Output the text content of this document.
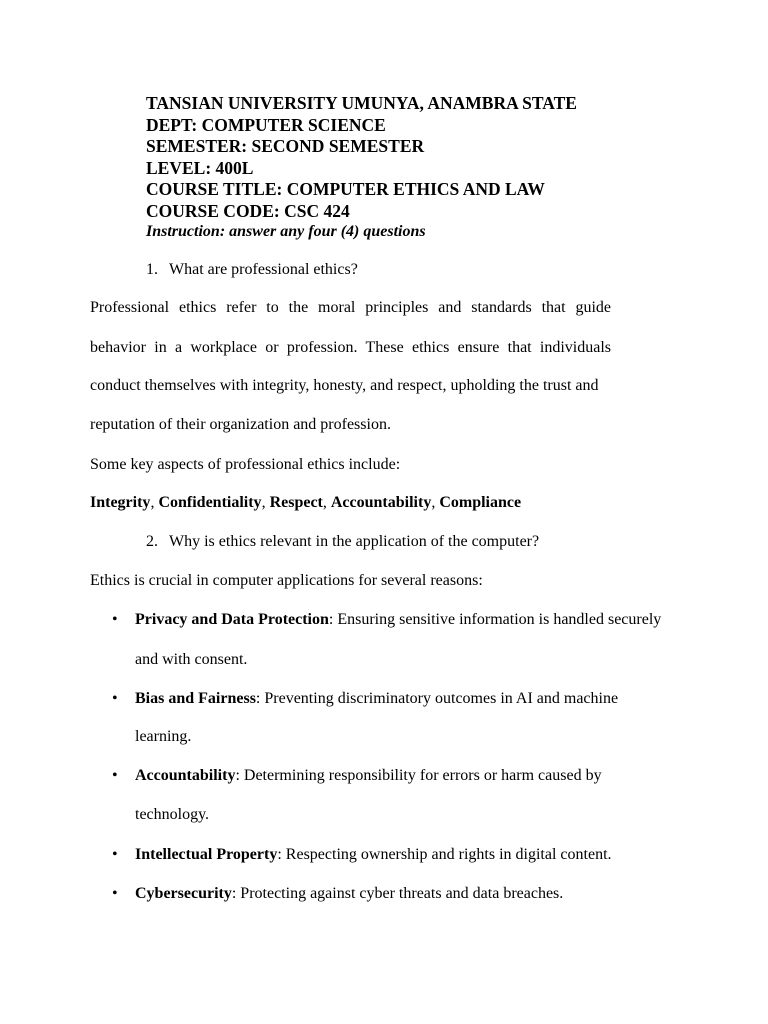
TANSIAN UNIVERSITY UMUNYA, ANAMBRA STATE
DEPT: COMPUTER SCIENCE
SEMESTER: SECOND SEMESTER
LEVEL: 400L
COURSE TITLE: COMPUTER ETHICS AND LAW
COURSE CODE: CSC 424
Instruction: answer any four (4) questions
1. What are professional ethics?
Professional ethics refer to the moral principles and standards that guide
behavior in a workplace or profession. These ethics ensure that individuals
conduct themselves with integrity, honesty, and respect, upholding the trust and
reputation of their organization and profession.
Some key aspects of professional ethics include:
Integrity, Confidentiality, Respect, Accountability, Compliance
2. Why is ethics relevant in the application of the computer?
Ethics is crucial in computer applications for several reasons:
• Privacy and Data Protection: Ensuring sensitive information is handled securely
and with consent.
• Bias and Fairness: Preventing discriminatory outcomes in AI and machine
learning.
• Accountability: Determining responsibility for errors or harm caused by
technology.
• Intellectual Property: Respecting ownership and rights in digital content.
• Cybersecurity: Protecting against cyber threats and data breaches.
